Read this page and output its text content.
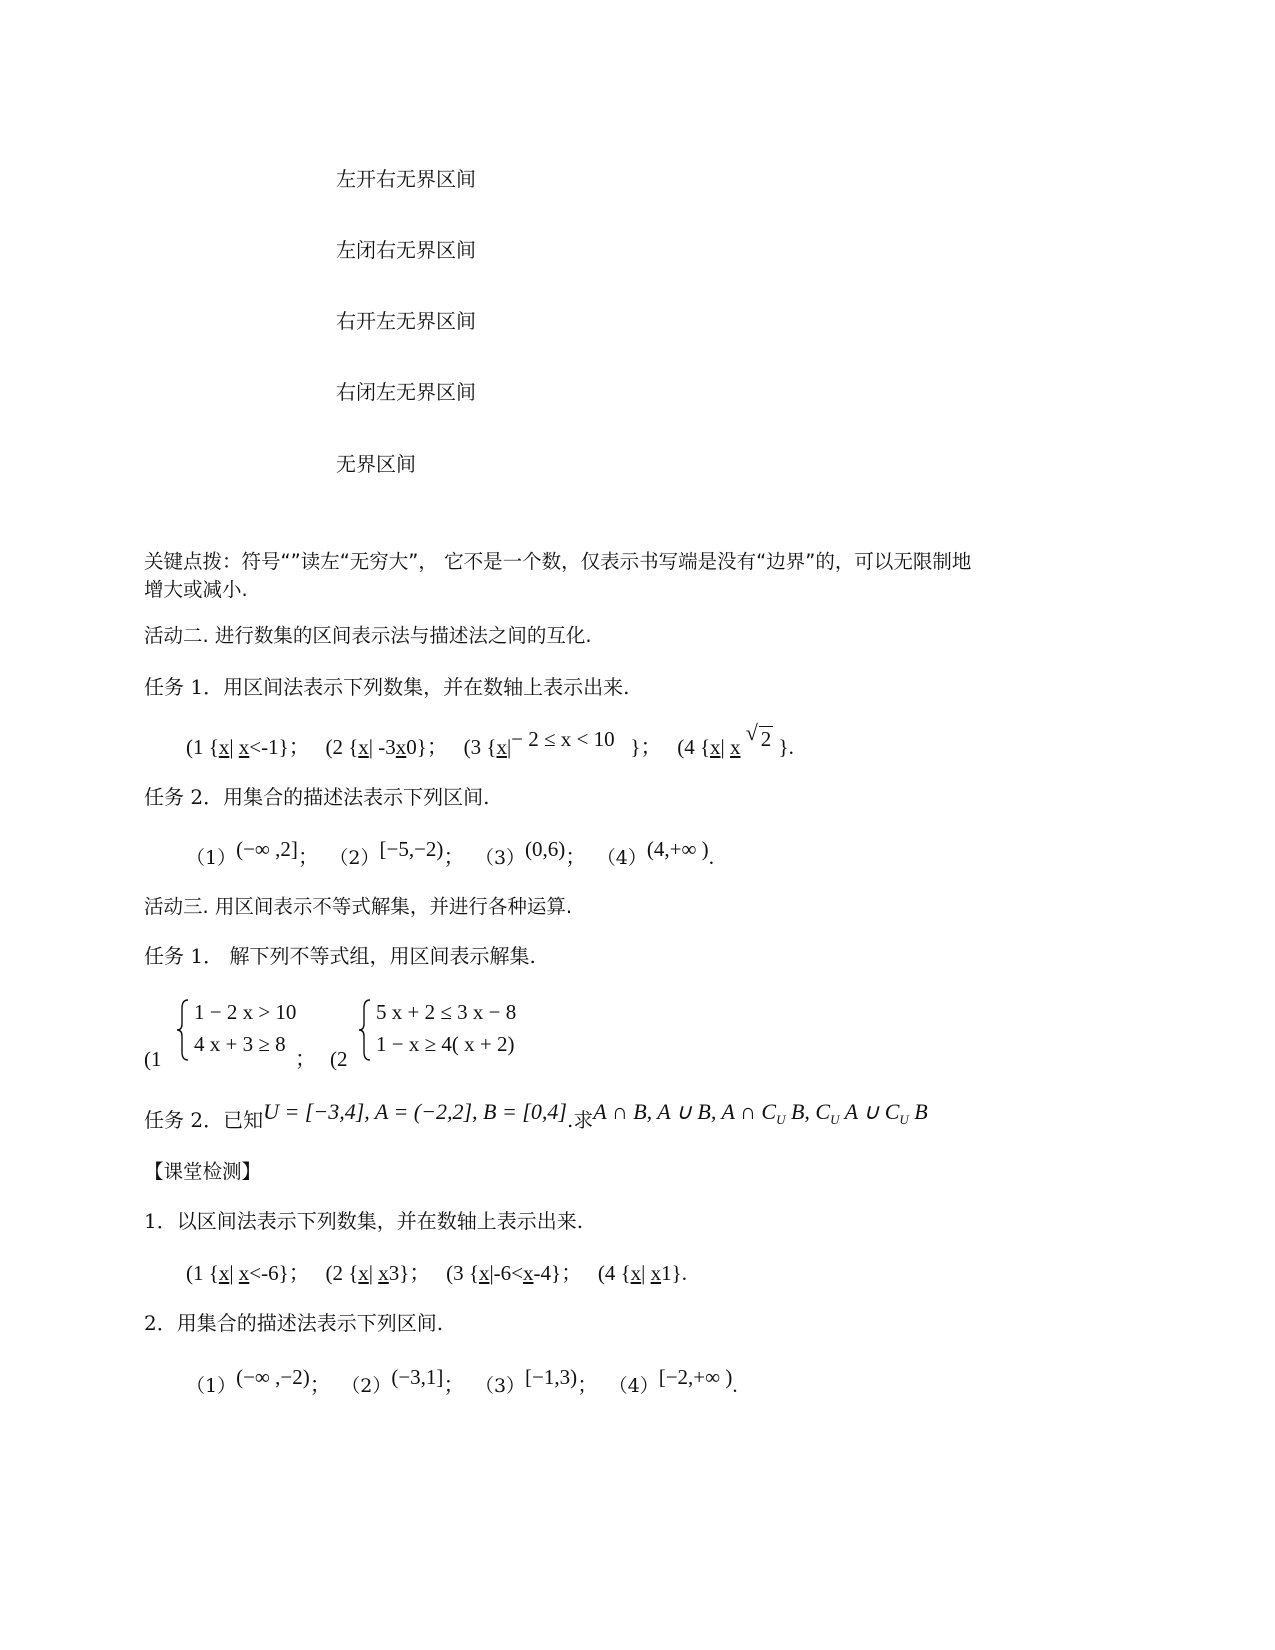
左开右无界区间
左闭右无界区间
右开左无界区间
右闭左无界区间
无界区间
关键点拨：符号“”读左“无穷大”， 它不是一个数，仅表示书写端是没有“边界”的，可以无限制地
增大或减小.
活动二. 进行数集的区间表示法与描述法之间的互化.
任务 1．用区间法表示下列数集，并在数轴上表示出来.
(1 {x| x<-1}； (2 {x| -3x0}； (3 {x|− 2 ≤ x < 10 }； (4 {x| x
√ 2 }.
任务 2．用集合的描述法表示下列区间.
（1）(−∞ ,2]； （2）[−5,−2)； （3）(0,6)； （4）(4,+∞ ).
活动三. 用区间表示不等式解集，并进行各种运算.
任务 1． 解下列不等式组，用区间表示解集.
(1
1 − 2 x > 10
4 x + 3 ≥ 8
； (2
5 x + 2 ≤ 3 x − 8
1 − x ≥ 4( x + 2)
任务 2．已知U = [−3,4], A = (−2,2], B = [0,4].求A ∩ B, A ∪ B, A ∩ $C_U$ B, $C_U$ A ∪ $C_U$ B
【课堂检测】
1．以区间法表示下列数集，并在数轴上表示出来.
(1 {x| x<-6}； (2 {x| x3}； (3 {x|-6<x-4}； (4 {x| x1}.
2．用集合的描述法表示下列区间.
（1）(−∞ ,−2)； （2）(−3,1]； （3）[−1,3)； （4）[−2,+∞ ).
